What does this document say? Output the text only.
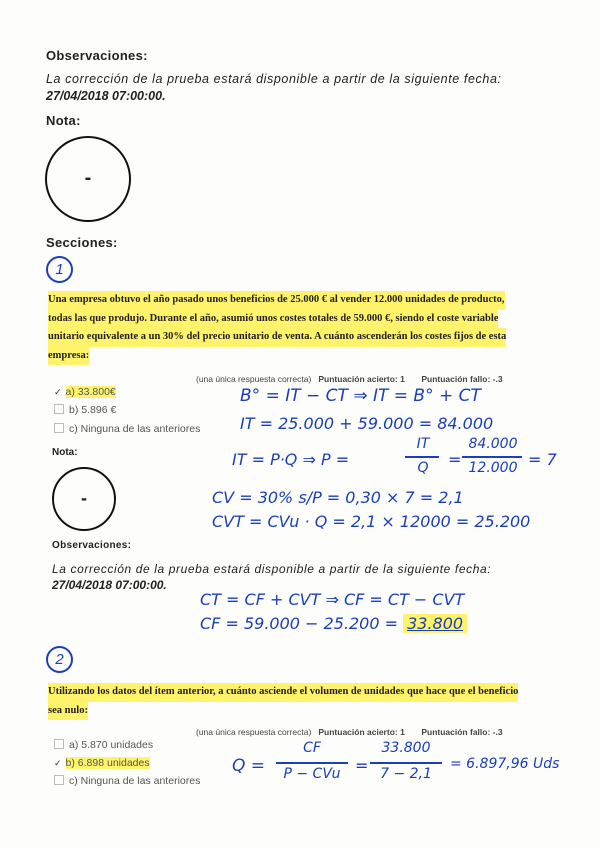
Observaciones:
La corrección de la prueba estará disponible a partir de la siguiente fecha:
27/04/2018 07:00:00.
Nota:
-
Secciones:
1
Una empresa obtuvo el año pasado unos beneficios de 25.000 € al vender 12.000 unidades de producto,
todas las que produjo. Durante el año, asumió unos costes totales de 59.000 €, siendo el coste variable
unitario equivalente a un 30% del precio unitario de venta. A cuánto ascenderán los costes fijos de esta
empresa:
(una única respuesta correcta) Puntuación acierto: 1 Puntuación fallo: -.3
✓ a) 33.800€
b) 5.896 €
c) Ninguna de las anteriores
Nota:
-
Observaciones:
La corrección de la prueba estará disponible a partir de la siguiente fecha:
27/04/2018 07:00:00.
2
Utilizando los datos del ítem anterior, a cuánto asciende el volumen de unidades que hace que el beneficio
sea nulo:
(una única respuesta correcta) Puntuación acierto: 1 Puntuación fallo: -.3
a) 5.870 unidades
✓ b) 6.898 unidades
c) Ninguna de las anteriores
B° = IT − CT ⇒ IT = B° + CT
IT = 25.000 + 59.000 = 84.000
IT = P·Q ⇒ P =
IT
Q	=
84.000
12.000 = 7
CV = 30% s/P = 0,30 × 7 = 2,1
CVT = CVu · Q = 2,1 × 12000 = 25.200
CT = CF + CVT ⇒ CF = CT − CVT
CF = 59.000 − 25.200 = 33.800
Q =
CF
P − CVu =
33.800
7 − 2,1
= 6.897,96 Uds
